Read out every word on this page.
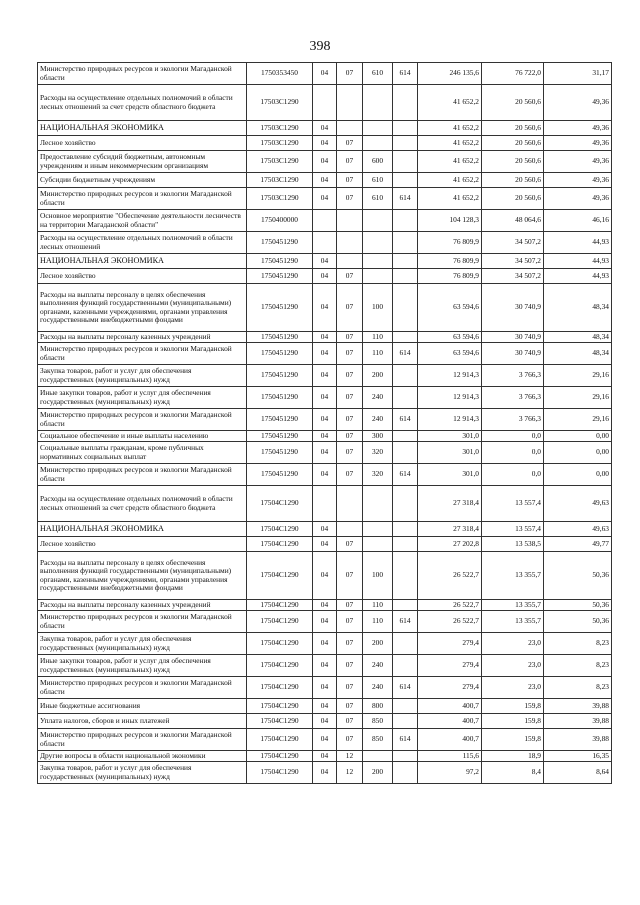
398
Министерство природных ресурсов и экологии Магаданской области	1750353450	04	07	610	614	246 135,6	76 722,0	31,17
Расходы на осуществление отдельных полномочий в области лесных отношений за счет средств областного бюджета	17503С1290					41 652,2	20 560,6	49,36
НАЦИОНАЛЬНАЯ ЭКОНОМИКА	17503С1290	04				41 652,2	20 560,6	49,36
Лесное хозяйство	17503С1290	04	07			41 652,2	20 560,6	49,36
Предоставление субсидий бюджетным, автономным учреждениям и иным некоммерческим организациям	17503С1290	04	07	600		41 652,2	20 560,6	49,36
Субсидии бюджетным учреждениям	17503С1290	04	07	610		41 652,2	20 560,6	49,36
Министерство природных ресурсов и экологии Магаданской области	17503С1290	04	07	610	614	41 652,2	20 560,6	49,36
Основное мероприятие "Обеспечение деятельности лесничеств на территории Магаданской области"	1750400000					104 128,3	48 064,6	46,16
Расходы на осуществление отдельных полномочий в области лесных отношений	1750451290					76 809,9	34 507,2	44,93
НАЦИОНАЛЬНАЯ ЭКОНОМИКА	1750451290	04				76 809,9	34 507,2	44,93
Лесное хозяйство	1750451290	04	07			76 809,9	34 507,2	44,93
Расходы на выплаты персоналу в целях обеспечения выполнения функций государственными (муниципальными) органами, казенными учреждениями, органами управления государственными внебюджетными фондами	1750451290	04	07	100		63 594,6	30 740,9	48,34
Расходы на выплаты персоналу казенных учреждений	1750451290	04	07	110		63 594,6	30 740,9	48,34
Министерство природных ресурсов и экологии Магаданской области	1750451290	04	07	110	614	63 594,6	30 740,9	48,34
Закупка товаров, работ и услуг для обеспечения государственных (муниципальных) нужд	1750451290	04	07	200		12 914,3	3 766,3	29,16
Иные закупки товаров, работ и услуг для обеспечения государственных (муниципальных) нужд	1750451290	04	07	240		12 914,3	3 766,3	29,16
Министерство природных ресурсов и экологии Магаданской области	1750451290	04	07	240	614	12 914,3	3 766,3	29,16
Социальное обеспечение и иные выплаты населению	1750451290	04	07	300		301,0	0,0	0,00
Социальные выплаты гражданам, кроме публичных нормативных социальных выплат	1750451290	04	07	320		301,0	0,0	0,00
Министерство природных ресурсов и экологии Магаданской области	1750451290	04	07	320	614	301,0	0,0	0,00
Расходы на осуществление отдельных полномочий в области лесных отношений за счет средств областного бюджета	17504С1290					27 318,4	13 557,4	49,63
НАЦИОНАЛЬНАЯ ЭКОНОМИКА	17504С1290	04				27 318,4	13 557,4	49,63
Лесное хозяйство	17504С1290	04	07			27 202,8	13 538,5	49,77
Расходы на выплаты персоналу в целях обеспечения выполнения функций государственными (муниципальными) органами, казенными учреждениями, органами управления государственными внебюджетными фондами	17504С1290	04	07	100		26 522,7	13 355,7	50,36
Расходы на выплаты персоналу казенных учреждений	17504С1290	04	07	110		26 522,7	13 355,7	50,36
Министерство природных ресурсов и экологии Магаданской области	17504С1290	04	07	110	614	26 522,7	13 355,7	50,36
Закупка товаров, работ и услуг для обеспечения государственных (муниципальных) нужд	17504С1290	04	07	200		279,4	23,0	8,23
Иные закупки товаров, работ и услуг для обеспечения государственных (муниципальных) нужд	17504С1290	04	07	240		279,4	23,0	8,23
Министерство природных ресурсов и экологии Магаданской области	17504С1290	04	07	240	614	279,4	23,0	8,23
Иные бюджетные ассигнования	17504С1290	04	07	800		400,7	159,8	39,88
Уплата налогов, сборов и иных платежей	17504С1290	04	07	850		400,7	159,8	39,88
Министерство природных ресурсов и экологии Магаданской области	17504С1290	04	07	850	614	400,7	159,8	39,88
Другие вопросы в области национальной экономики	17504С1290	04	12			115,6	18,9	16,35
Закупка товаров, работ и услуг для обеспечения государственных (муниципальных) нужд	17504С1290	04	12	200		97,2	8,4	8,64
